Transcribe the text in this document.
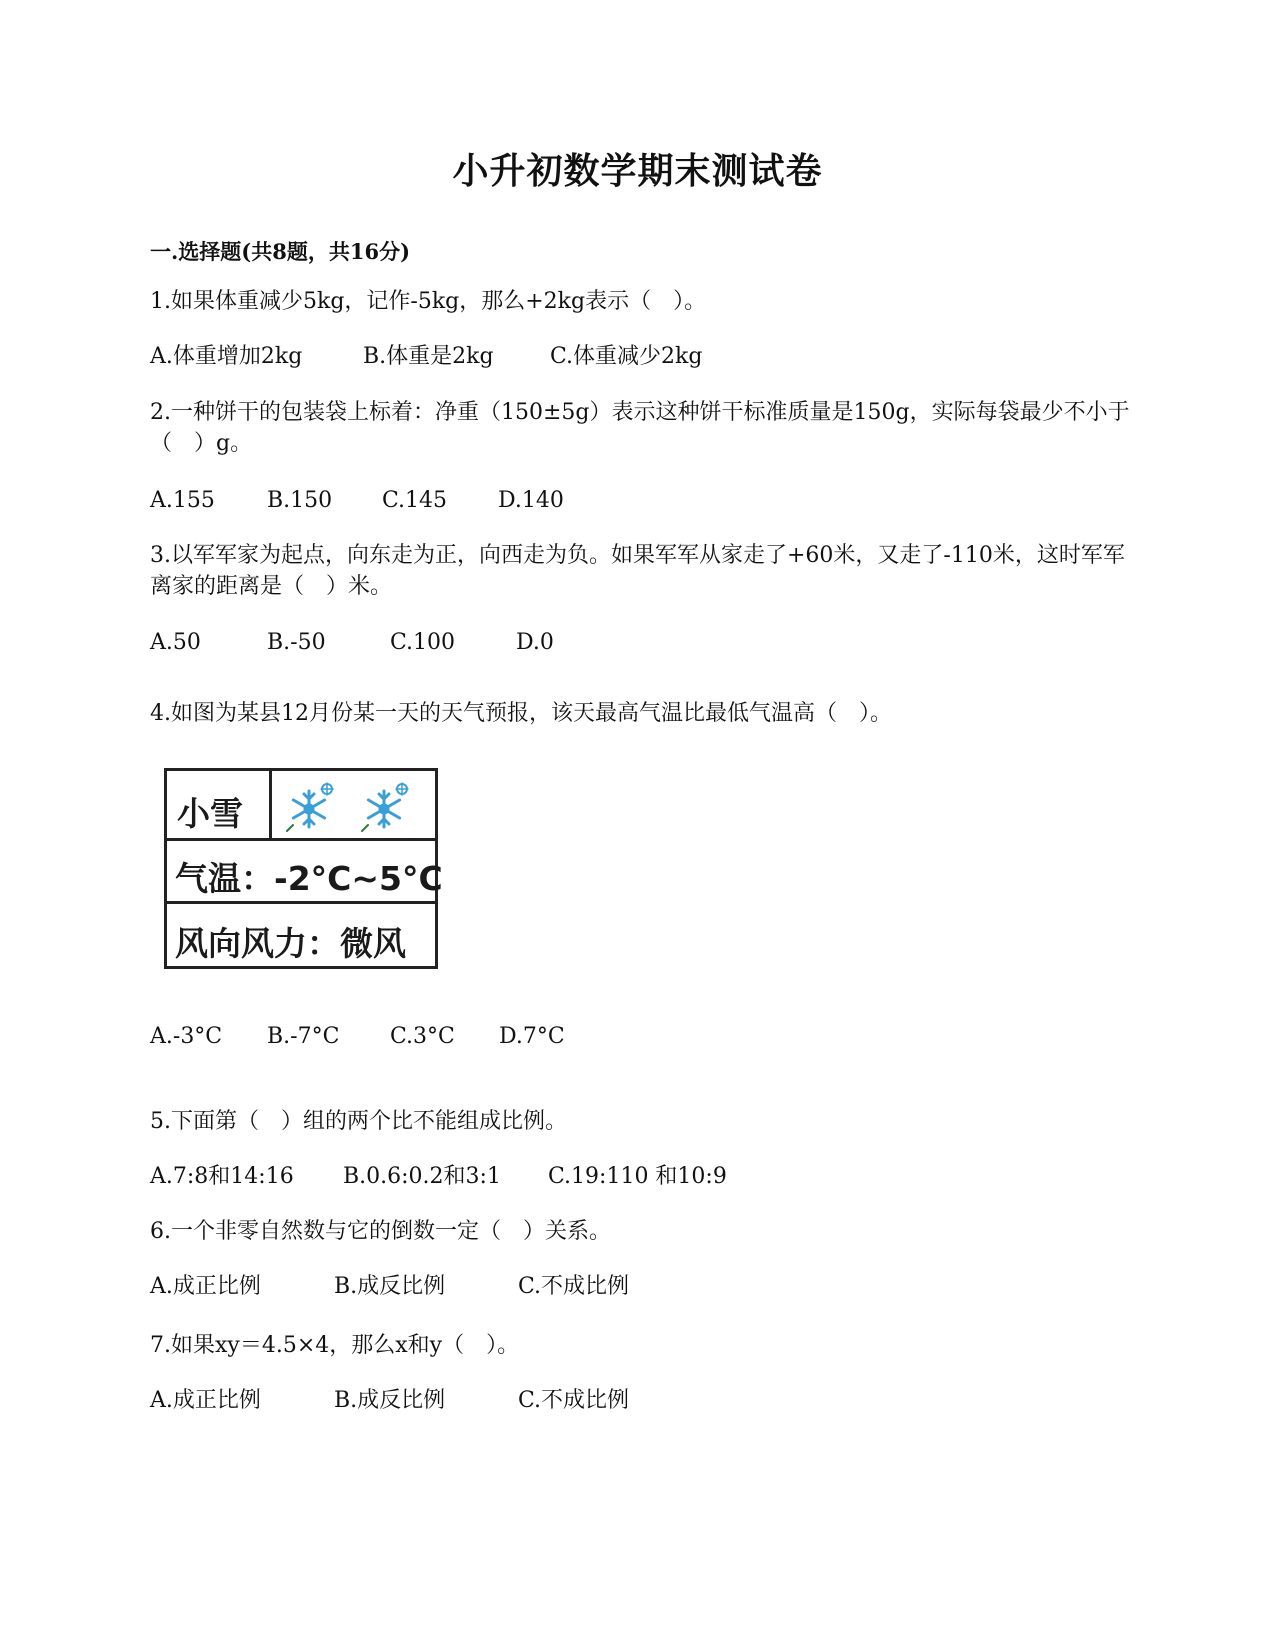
小升初数学期末测试卷
一.选择题(共8题，共16分)
1.如果体重减少5kg，记作-5kg，那么+2kg表示（　）。
A.体重增加2kg	B.体重是2kg	C.体重减少2kg
2.一种饼干的包装袋上标着：净重（150±5g）表示这种饼干标准质量是150g，实际每袋最少不小于（　）g。
A.155 B.150 C.145 D.140
3.以军军家为起点，向东走为正，向西走为负。如果军军从家走了+60米，又走了-110米，这时军军离家的距离是（　）米。
A.50	B.-50	C.100	D.0
4.如图为某县12月份某一天的天气预报，该天最高气温比最低气温高（　）。
小雪
气温：-2°C~5°C
风向风力：微风
A.-3°C B.-7°C C.3°C D.7°C
5.下面第（　）组的两个比不能组成比例。
A.7:8和14:16 B.0.6:0.2和3:1 C.19:110 和10:9
6.一个非零自然数与它的倒数一定（　）关系。
A.成正比例	B.成反比例	C.不成比例
7.如果xy＝4.5×4，那么x和y（　）。
A.成正比例	B.成反比例	C.不成比例
